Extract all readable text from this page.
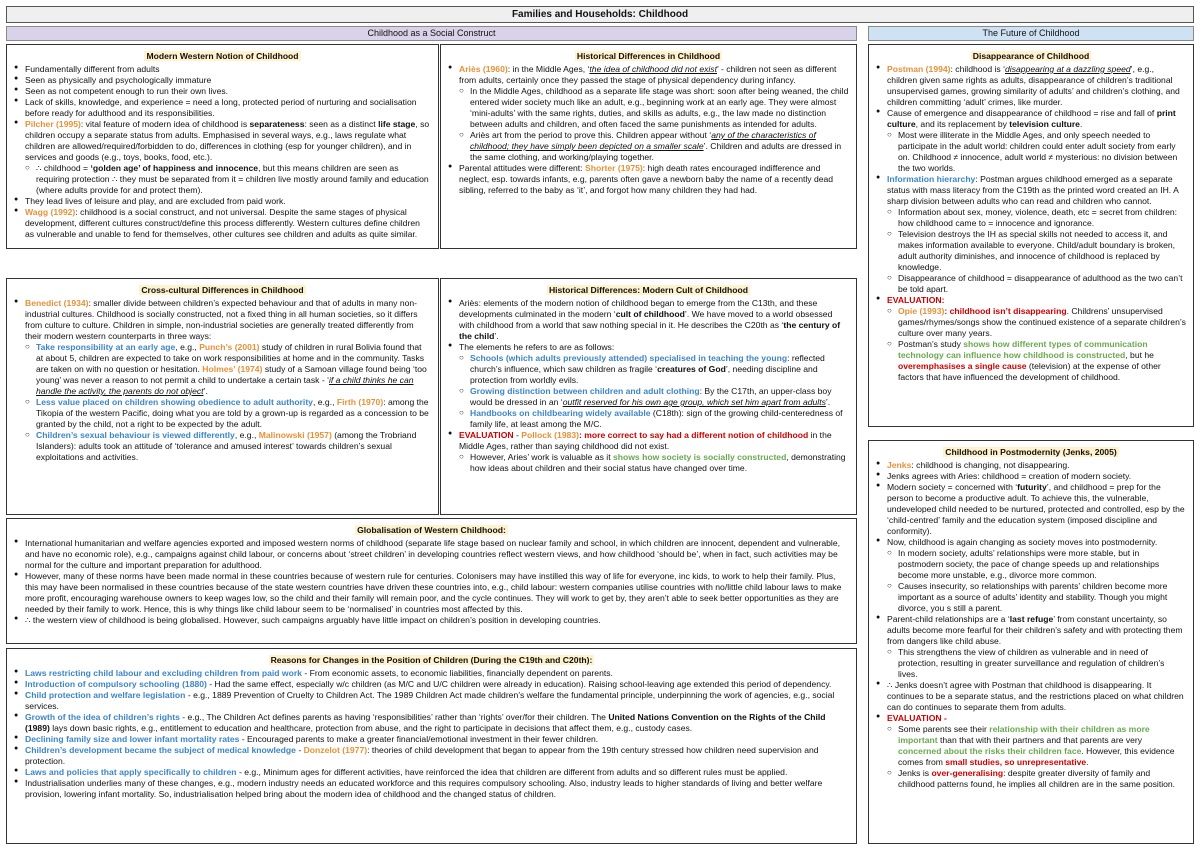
Families and Households: Childhood
Childhood as a Social Construct	The Future of Childhood
Modern Western Notion of Childhood
● Fundamentally different from adults
● Seen as physically and psychologically immature
● Seen as not competent enough to run their own lives.
● Lack of skills, knowledge, and experience = need a long, protected period of nurturing and socialisation before ready for adulthood and its responsibilities.
● Pilcher (1995): vital feature of modern idea of childhood is separateness: seen as a distinct life stage, so children occupy a separate status from adults. Emphasised in several ways, e.g., laws regulate what children are allowed/required/forbidden to do, differences in clothing (esp for younger children), and in services and goods (e.g., toys, books, food, etc.).
○ ∴ childhood = ‘golden age’ of happiness and innocence, but this means children are seen as requiring protection ∴ they must be separated from it = children live mostly around family and education (where adults provide for and protect them).
● They lead lives of leisure and play, and are excluded from paid work.
● Wagg (1992): childhood is a social construct, and not universal. Despite the same stages of physical development, different cultures construct/define this process differently. Western cultures define children as vulnerable and unable to fend for themselves, other cultures see children and adults as quite similar.
Historical Differences in Childhood
● Ariès (1960): in the Middle Ages, ‘the idea of childhood did not exist’ - children not seen as different from adults, certainly once they passed the stage of physical dependency during infancy.
○ In the Middle Ages, childhood as a separate life stage was short: soon after being weaned, the child entered wider society much like an adult, e.g., beginning work at an early age. They were almost ‘mini-adults’ with the same rights, duties, and skills as adults, e.g., the law made no distinction between adults and children, and often faced the same punishments as intended for adults.
○ Ariès art from the period to prove this. Children appear without ‘any of the characteristics of childhood; they have simply been depicted on a smaller scale’. Children and adults are dressed in the same clothing, and working/playing together.
● Parental attitudes were different: Shorter (1975): high death rates encouraged indifference and neglect, esp. towards infants, e.g, parents often gave a newborn baby the name of a recently dead sibling, referred to the baby as ‘it’, and forgot how many children they had had.
Cross-cultural Differences in Childhood
● Benedict (1934): smaller divide between children’s expected behaviour and that of adults in many non-industrial cultures. Childhood is socially constructed, not a fixed thing in all human societies, so it differs from culture to culture. Children in simple, non-industrial societies are generally treated differently from their modern western counterparts in three ways:
○ Take responsibility at an early age, e.g., Punch’s (2001) study of children in rural Bolivia found that at about 5, children are expected to take on work responsibilities at home and in the community. Tasks are taken on with no question or hesitation. Holmes’ (1974) study of a Samoan village found being ‘too young’ was never a reason to not permit a child to undertake a certain task - ‘if a child thinks he can handle the activity, the parents do not object’.
○ Less value placed on children showing obedience to adult authority, e.g., Firth (1970): among the Tikopia of the western Pacific, doing what you are told by a grown-up is regarded as a concession to be granted by the child, not a right to be expected by the adult.
○ Children’s sexual behaviour is viewed differently, e.g., Malinowski (1957) (among the Trobriand Islanders): adults took an attitude of ‘tolerance and amused interest’ towards children’s sexual exploitations and activities.
Historical Differences: Modern Cult of Childhood
● Ariès: elements of the modern notion of childhood began to emerge from the C13th, and these developments culminated in the modern ‘cult of childhood’. We have moved to a world obsessed with childhood from a world that saw nothing special in it. He describes the C20th as ‘the century of the child’.
● The elements he refers to are as follows:
○ Schools (which adults previously attended) specialised in teaching the young: reflected church’s influence, which saw children as fragile ‘creatures of God’, needing discipline and protection from worldly evils.
○ Growing distinction between children and adult clothing: By the C17th, an upper-class boy would be dressed in an ‘outfit reserved for his own age group, which set him apart from adults’.
○ Handbooks on childbearing widely available (C18th): sign of the growing child-centeredness of family life, at least among the M/C.
● EVALUATION - Pollock (1983): more correct to say had a different notion of childhood in the Middle Ages, rather than saying childhood did not exist.
○ However, Aries’ work is valuable as it shows how society is socially constructed, demonstrating how ideas about children and their social status have changed over time.
Globalisation of Western Childhood:
● International humanitarian and welfare agencies exported and imposed western norms of childhood (separate life stage based on nuclear family and school, in which children are innocent, dependent and vulnerable, and have no economic role), e.g., campaigns against child labour, or concerns about ‘street children’ in developing countries reflect western views, and how childhood ‘should be’, when in fact, such activities may be normal for the culture and important preparation for adulthood.
● However, many of these norms have been made normal in these countries because of western rule for centuries. Colonisers may have instilled this way of life for everyone, inc kids, to work to help their family. Plus, this may have been normalised in these countries because of the state western countries have driven these countries into, e.g., child labour: western companies utilise countries with no/little child labour laws to make more profit, encouraging warehouse owners to keep wages low, so the child and their family will remain poor, and the cycle continues. They will work to get by, they aren’t able to seek better opportunities as they are needed by their family to work. Hence, this is why things like child labour seem to be ‘normalised’ in countries most affected by this.
● ∴ the western view of childhood is being globalised. However, such campaigns arguably have little impact on children’s position in developing countries.
Reasons for Changes in the Position of Children (During the C19th and C20th):
● Laws restricting child labour and excluding children from paid work - From economic assets, to economic liabilities, financially dependent on parents.
● Introduction of compulsory schooling (1880) - Had the same effect, especially w/c children (as M/C and U/C children were already in education). Raising school-leaving age extended this period of dependency.
● Child protection and welfare legislation - e.g., 1889 Prevention of Cruelty to Children Act. The 1989 Children Act made children’s welfare the fundamental principle, underpinning the work of agencies, e.g., social services.
● Growth of the idea of children’s rights - e.g., The Children Act defines parents as having ‘responsibilities’ rather than ‘rights’ over/for their children. The United Nations Convention on the Rights of the Child (1989) lays down basic rights, e.g., entitlement to education and healthcare, protection from abuse, and the right to participate in decisions that affect them, e.g., custody cases.
● Declining family size and lower infant mortality rates - Encouraged parents to make a greater financial/emotional investment in their fewer children.
● Children’s development became the subject of medical knowledge - Donzelot (1977): theories of child development that began to appear from the 19th century stressed how children need supervision and protection.
● Laws and policies that apply specifically to children - e.g., Minimum ages for different activities, have reinforced the idea that children are different from adults and so different rules must be applied.
● Industrialisation underlies many of these changes, e.g., modern industry needs an educated workforce and this requires compulsory schooling. Also, industry leads to higher standards of living and better welfare provision, lowering infant mortality. So, industrialisation helped bring about the modern idea of childhood and the changed status of children.
Disappearance of Childhood
● Postman (1994): childhood is ‘disappearing at a dazzling speed’, e.g., children given same rights as adults, disappearance of children’s traditional unsupervised games, growing similarity of adults’ and children’s clothing, and children committing ‘adult’ crimes, like murder.
● Cause of emergence and disappearance of childhood = rise and fall of print culture, and its replacement by television culture.
○ Most were illiterate in the Middle Ages, and only speech needed to participate in the adult world: children could enter adult society from early on. Childhood ≠ innocence, adult world ≠ mysterious: no division between the two worlds.
● Information hierarchy: Postman argues childhood emerged as a separate status with mass literacy from the C19th as the printed word created an IH. A sharp division between adults who can read and children who cannot.
○ Information about sex, money, violence, death, etc = secret from children: how childhood came to = innocence and ignorance.
○ Television destroys the IH as special skills not needed to access it, and makes information available to everyone. Child/adult boundary is broken, adult authority diminishes, and innocence of childhood is replaced by knowledge.
○ Disappearance of childhood = disappearance of adulthood as the two can’t be told apart.
● EVALUATION:
○ Opie (1993): childhood isn’t disappearing. Childrens’ unsupervised games/rhymes/songs show the continued existence of a separate children’s culture over many years.
○ Postman’s study shows how different types of communication technology can influence how childhood is constructed, but he overemphasises a single cause (television) at the expense of other factors that have influenced the development of childhood.
Childhood in Postmodernity (Jenks, 2005)
● Jenks: childhood is changing, not disappearing.
● Jenks agrees with Aries: childhood = creation of modern society.
● Modern society = concerned with ‘futurity’, and childhood = prep for the person to become a productive adult. To achieve this, the vulnerable, undeveloped child needed to be nurtured, protected and controlled, esp by the ‘child-centred’ family and the education system (imposed discipline and conformity).
● Now, childhood is again changing as society moves into postmodernity.
○ In modern society, adults’ relationships were more stable, but in postmodern society, the pace of change speeds up and relationships become more unstable, e.g., divorce more common.
○ Causes insecurity, so relationships with parents’ children become more important as a source of adults’ identity and stability. Though you might divorce, you s still a parent.
● Parent-child relationships are a ‘last refuge’ from constant uncertainty, so adults become more fearful for their children’s safety and with protecting them from dangers like child abuse.
○ This strengthens the view of children as vulnerable and in need of protection, resulting in greater surveillance and regulation of children’s lives.
● ∴ Jenks doesn’t agree with Postman that childhood is disappearing. It continues to be a separate status, and the restrictions placed on what children can do continues to separate them from adults.
● EVALUATION -
○ Some parents see their relationship with their children as more important than that with their partners and that parents are very concerned about the risks their children face. However, this evidence comes from small studies, so unrepresentative.
○ Jenks is over-generalising: despite greater diversity of family and childhood patterns found, he implies all children are in the same position.
